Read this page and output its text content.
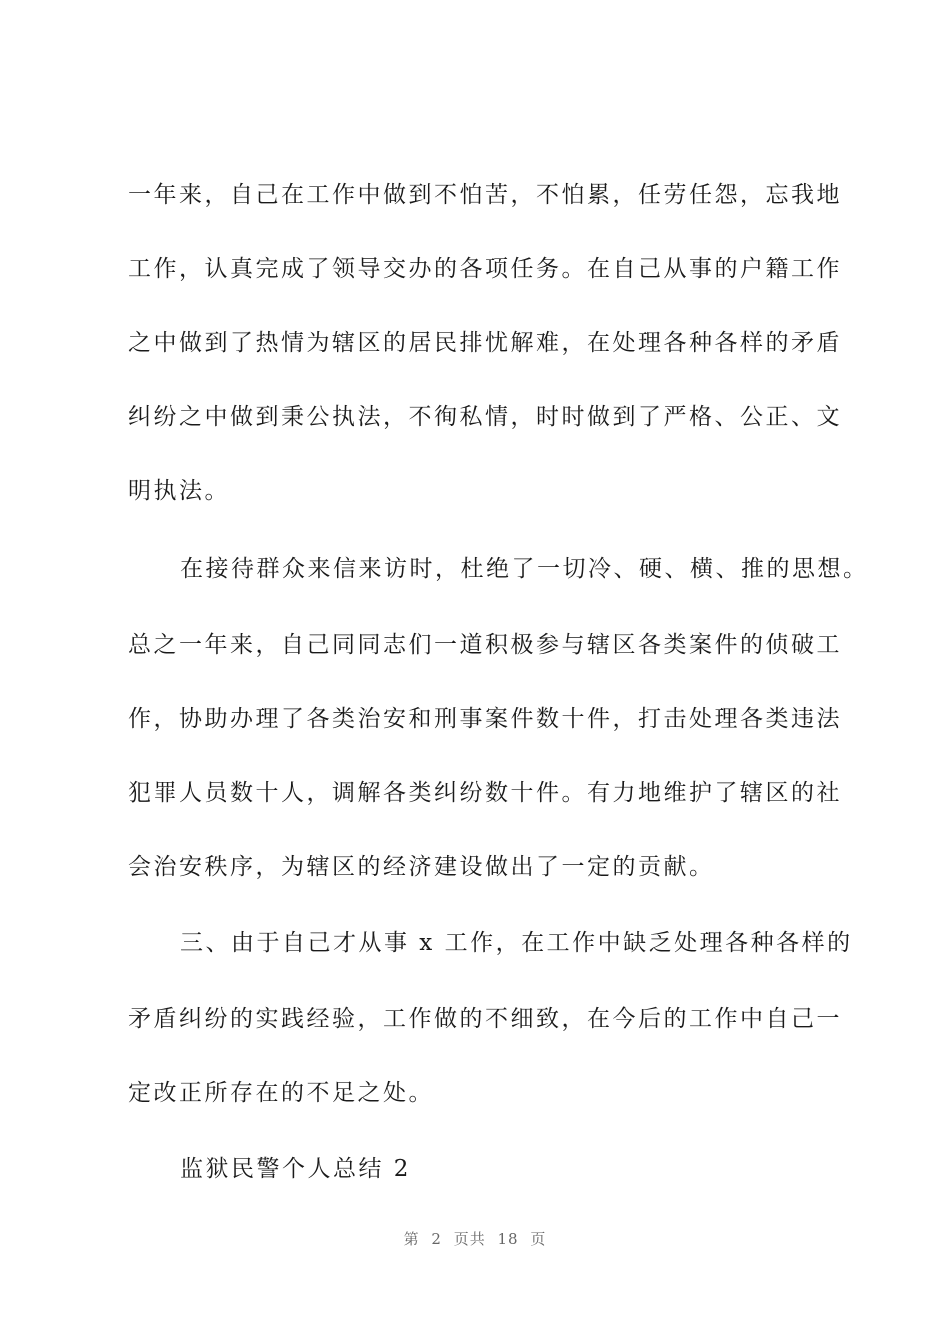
一年来，自己在工作中做到不怕苦，不怕累，任劳任怨，忘我地
工作，认真完成了领导交办的各项任务。在自己从事的户籍工作
之中做到了热情为辖区的居民排忧解难，在处理各种各样的矛盾
纠纷之中做到秉公执法，不徇私情，时时做到了严格、公正、文
明执法。
在接待群众来信来访时，杜绝了一切冷、硬、横、推的思想。
总之一年来，自己同同志们一道积极参与辖区各类案件的侦破工
作，协助办理了各类治安和刑事案件数十件，打击处理各类违法
犯罪人员数十人，调解各类纠纷数十件。有力地维护了辖区的社
会治安秩序，为辖区的经济建设做出了一定的贡献。
三、由于自己才从事 x 工作，在工作中缺乏处理各种各样的
矛盾纠纷的实践经验，工作做的不细致，在今后的工作中自己一
定改正所存在的不足之处。
监狱民警个人总结 2
第 2 页共 18 页
